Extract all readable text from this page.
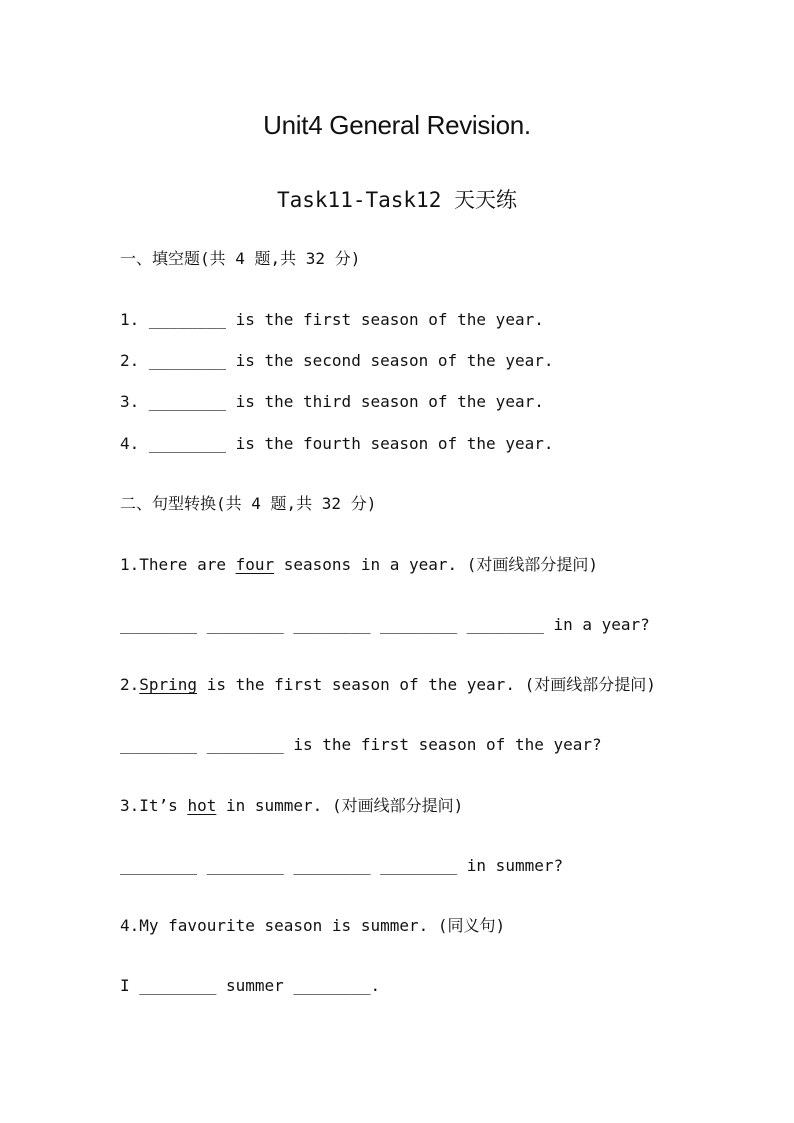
Unit4 General Revision.
Task11-Task12 天天练
一、填空题(共 4 题,共 32 分)
1. ________ is the first season of the year.
2. ________ is the second season of the year.
3. ________ is the third season of the year.
4. ________ is the fourth season of the year.
二、句型转换(共 4 题,共 32 分)
1.There are four seasons in a year. (对画线部分提问)
________ ________ ________ ________ ________ in a year?
2.Spring is the first season of the year. (对画线部分提问)
________ ________ is the first season of the year?
3.It’s hot in summer. (对画线部分提问)
________ ________ ________ ________ in summer?
4.My favourite season is summer. (同义句)
I ________ summer ________.
